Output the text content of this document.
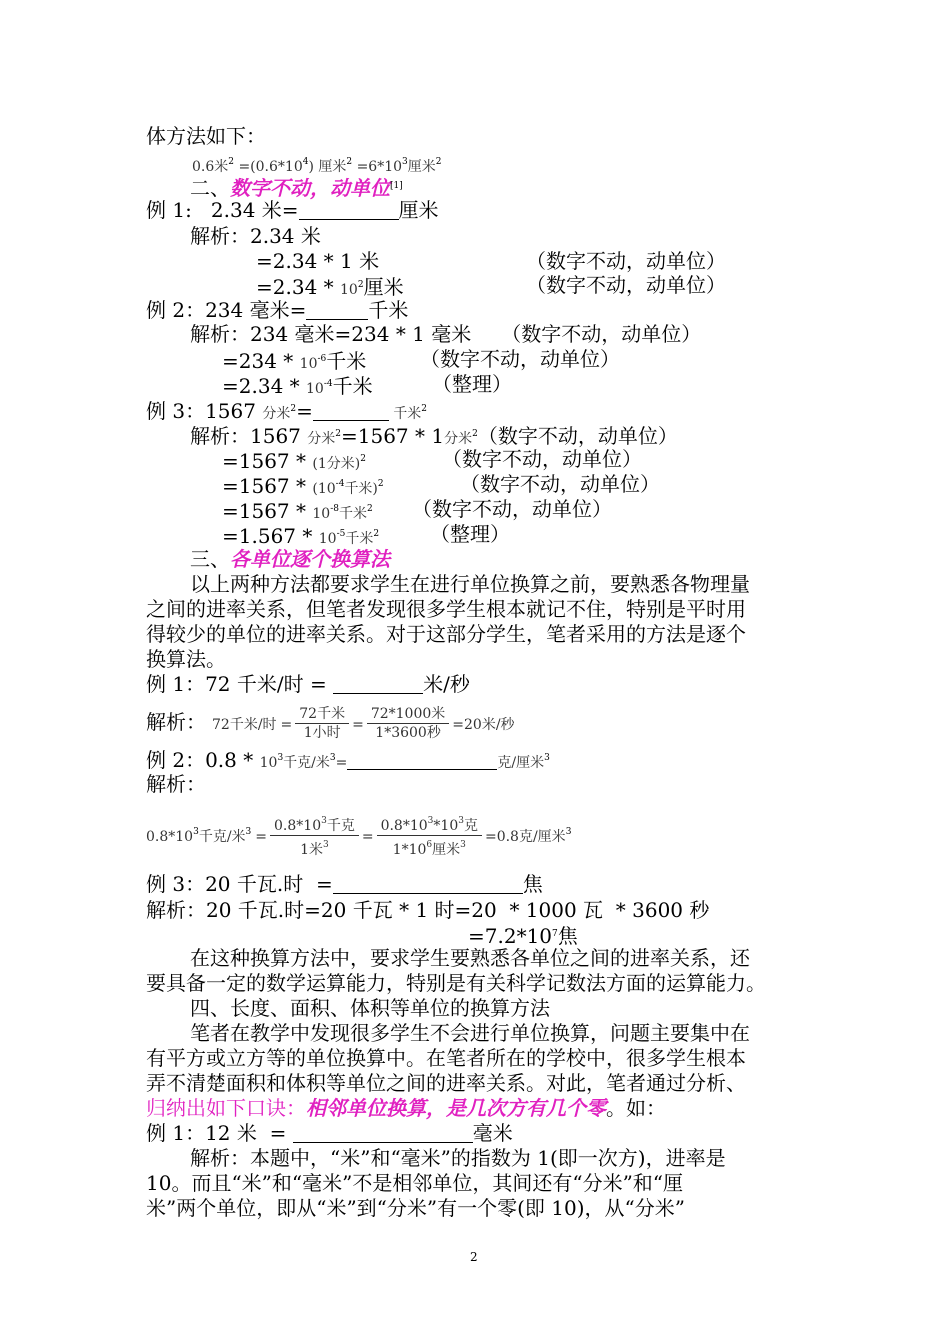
体方法如下：
0.6米$^2 =(0.6*10^4)$ 厘米$^2 =6*10^3$厘米$^2$
二、数字不动，动单位[1]
例 1:   2.34 米=	厘米
解析：2.34 米
=2.34 * 1 米	（数字不动，动单位）
$=2.34 * 10^2$厘米	（数字不动，动单位）
例 2：234 毫米=	千米
解析：234 毫米=234 * 1 毫米 （数字不动，动单位）
$=234 * 10^{-6}$千米	（数字不动，动单位）
$=2.34 * 10^{-4}$千米	（整理）
例 3：1567 分米$^2$=	千米$^2$
解析：1567 分米$^2$=1567 * 1分米$^2$（数字不动，动单位）
=1567 * (1分米)$^2$	（数字不动，动单位）
$=1567 * (10^{-4}$千米)$^2$	（数字不动，动单位）
$=1567 * 10^{-8}$千米$^2$ （数字不动，动单位）
$=1.567 * 10^{-5}$千米$^2$	（整理）
三、各单位逐个换算法
以上两种方法都要求学生在进行单位换算之前，要熟悉各物理量
之间的进率关系，但笔者发现很多学生根本就记不住，特别是平时用
得较少的单位的进率关系。对于这部分学生，笔者采用的方法是逐个
换算法。
例 1：72 千米/时 =	米/秒
解析： 72千米/时 = $\frac{\text{72千米}}{\text{1小时}} = \frac{\text{72*1000米}}{\text{1*3600秒}} =20$米/秒
例 2：$0.8 * 10^3$千克/米$^3$=	克/厘米$^3$
解析：
$0.8*10^3$千克/米$^3 = \frac{0.8*10^3千克}{1米^3} = \frac{0.8*10^3*10^3克}{1*10^6厘米^3} =0.8$克/厘米$^3$
例 3：20 千瓦.时  =	焦
解析：20 千瓦.时=20 千瓦 * 1 时=20  * 1000 瓦  * 3600 秒
$=7.2*10^7$焦
在这种换算方法中，要求学生要熟悉各单位之间的进率关系，还
要具备一定的数学运算能力，特别是有关科学记数法方面的运算能力。
四、长度、面积、体积等单位的换算方法
笔者在教学中发现很多学生不会进行单位换算，问题主要集中在
有平方或立方等的单位换算中。在笔者所在的学校中，很多学生根本
弄不清楚面积和体积等单位之间的进率关系。对此，笔者通过分析、
归纳出如下口诀：相邻单位换算，是几次方有几个零。如：
例 1：12 米  =	毫米
解析：本题中，“米”和“毫米”的指数为 1(即一次方)，进率是
10。而且“米”和“毫米”不是相邻单位，其间还有“分米”和“厘
米”两个单位，即从“米”到“分米”有一个零(即 10)，从“分米”
2
